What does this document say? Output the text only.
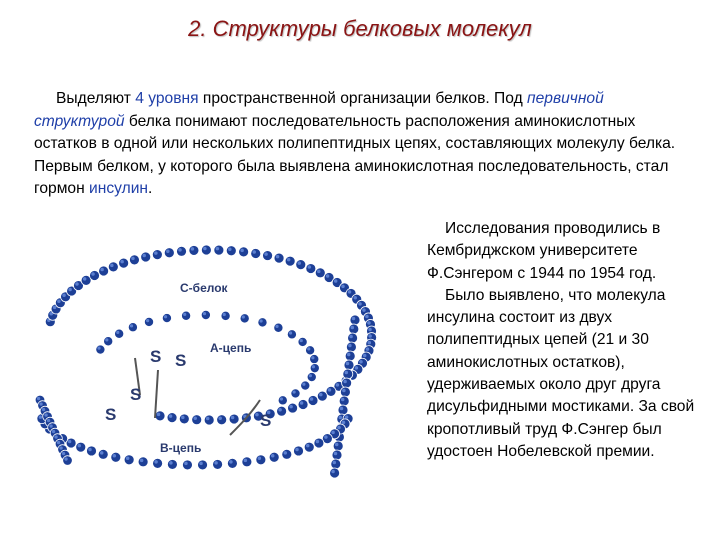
2. Структуры белковых молекул
Выделяют 4 уровня пространственной организации белков. Под первичной структурой белка понимают последовательность расположения аминокислотных остатков в одной или нескольких полипептидных цепях, составляющих молекулу белка. Первым белком, у которого была выявлена аминокислотная последовательность, стал гормон инсулин.

Исследования проводились в Кембриджском университете Ф.Сэнгером с 1944 по 1954 год.

Было выявлено, что молекула инсулина состоит из двух полипептидных цепей (21 и 30 аминокислотных остатков), удерживаемых около друг друга дисульфидными мостиками. За свой кропотливый труд Ф.Сэнгер был удостоен Нобелевской премии.

S S
S
S	S
С-белок
А-цепь
В-цепь
